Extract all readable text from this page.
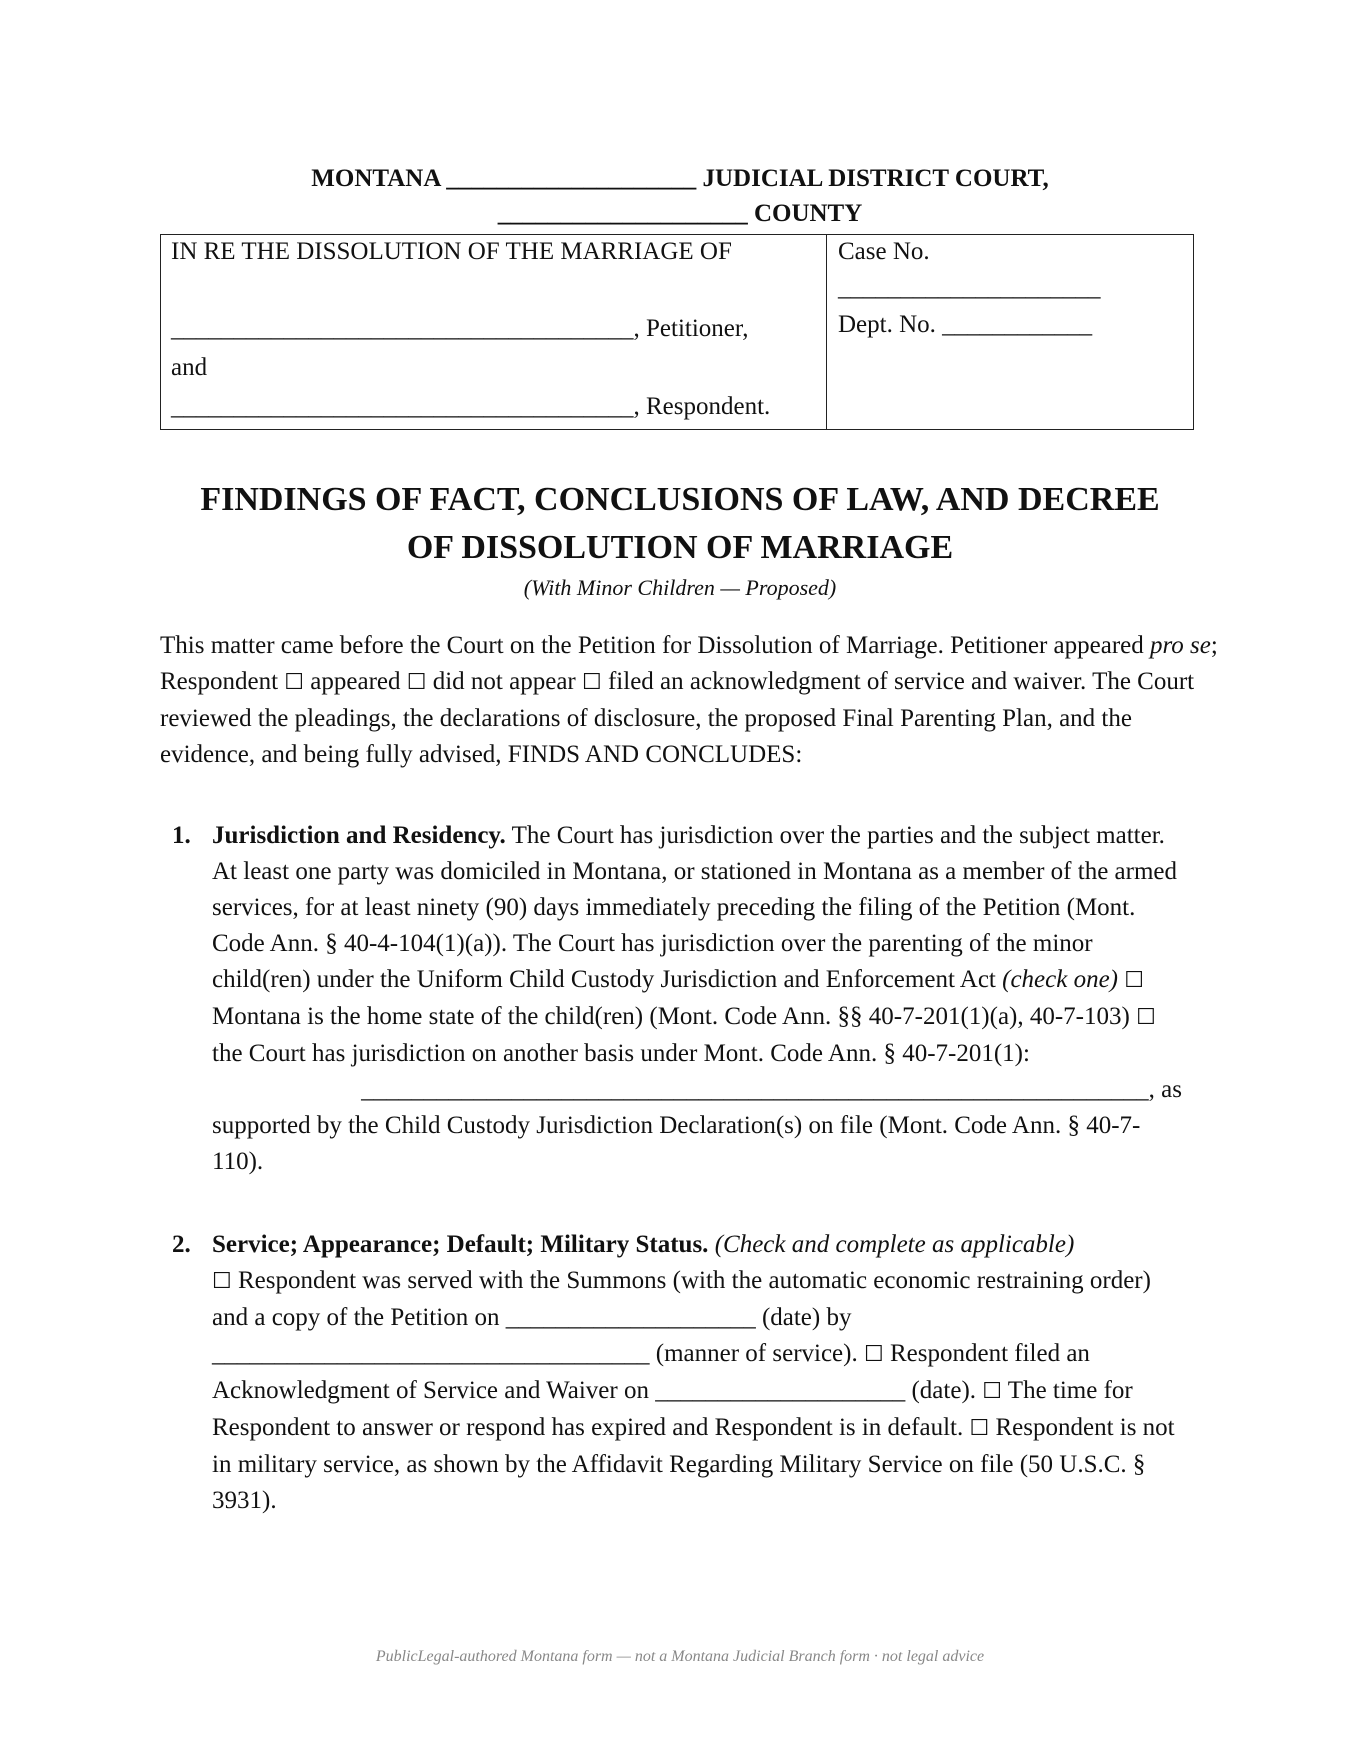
MONTANA ____________________ JUDICIAL DISTRICT COURT,
____________________ COUNTY
IN RE THE DISSOLUTION OF THE MARRIAGE OF
_____________________________________, Petitioner,
and
_____________________________________, Respondent.
Case No.
_____________________
Dept. No. ____________
FINDINGS OF FACT, CONCLUSIONS OF LAW, AND DECREE
OF DISSOLUTION OF MARRIAGE
(With Minor Children — Proposed)

This matter came before the Court on the Petition for Dissolution of Marriage. Petitioner appeared pro se; Respondent ☐ appeared ☐ did not appear ☐ filed an acknowledgment of service and waiver. The Court reviewed the pleadings, the declarations of disclosure, the proposed Final Parenting Plan, and the evidence, and being fully advised, FINDS AND CONCLUDES:

1. Jurisdiction and Residency. The Court has jurisdiction over the parties and the subject matter. At least one party was domiciled in Montana, or stationed in Montana as a member of the armed services, for at least ninety (90) days immediately preceding the filing of the Petition (Mont. Code Ann. § 40-4-104(1)(a)). The Court has jurisdiction over the parenting of the minor child(ren) under the Uniform Child Custody Jurisdiction and Enforcement Act (check one) ☐ Montana is the home state of the child(ren) (Mont. Code Ann. §§ 40-7-201(1)(a), 40-7-103) ☐ the Court has jurisdiction on another basis under Mont. Code Ann. § 40-7-201(1):
_______________________________________________________________, as
supported by the Child Custody Jurisdiction Declaration(s) on file (Mont. Code Ann. § 40-7-110).
2. Service; Appearance; Default; Military Status. (Check and complete as applicable)
☐ Respondent was served with the Summons (with the automatic economic restraining order) and a copy of the Petition on ____________________ (date) by
___________________________________ (manner of service). ☐ Respondent filed an Acknowledgment of Service and Waiver on ____________________ (date). ☐ The time for Respondent to answer or respond has expired and Respondent is in default. ☐ Respondent is not in military service, as shown by the Affidavit Regarding Military Service on file (50 U.S.C. § 3931).
PublicLegal-authored Montana form — not a Montana Judicial Branch form · not legal advice
